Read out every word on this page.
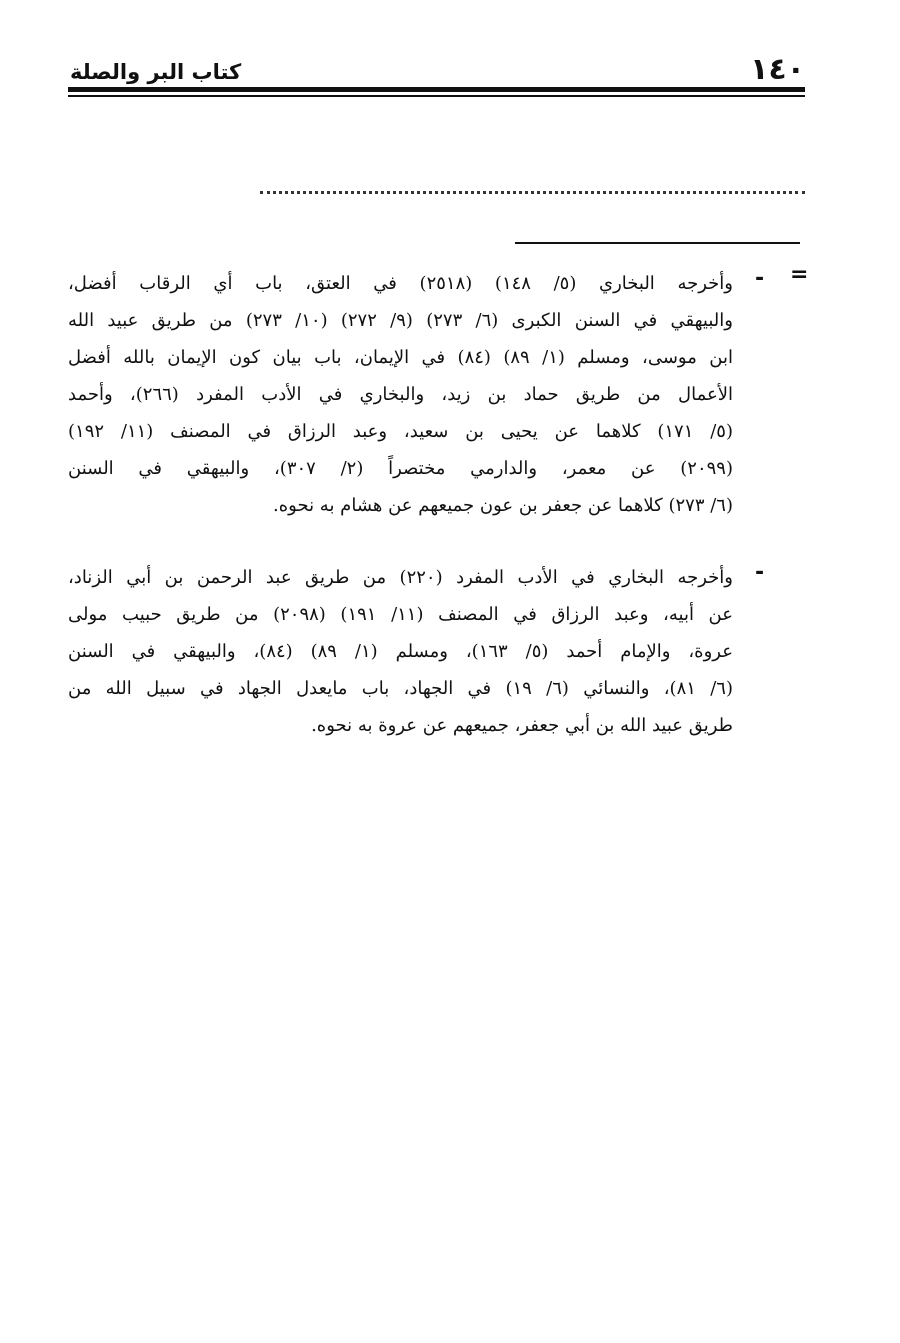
١٤٠
كتاب البر والصلة
=
-
-
وأخرجه البخاري (٥/ ١٤٨) (٢٥١٨) في العتق، باب أي الرقاب أفضل،
والبيهقي في السنن الكبرى (٦/ ٢٧٣) (٩/ ٢٧٢) (١٠/ ٢٧٣) من طريق عبيد الله
ابن موسى، ومسلم (١/ ٨٩) (٨٤) في الإيمان، باب بيان كون الإيمان بالله أفضل
الأعمال من طريق حماد بن زيد، والبخاري في الأدب المفرد (٢٦٦)، وأحمد
(٥/ ١٧١) كلاهما عن يحيى بن سعيد، وعبد الرزاق في المصنف (١١/ ١٩٢)
(٢٠٩٩) عن معمر، والدارمي مختصراً (٢/ ٣٠٧)، والبيهقي في السنن
(٦/ ٢٧٣) كلاهما عن جعفر بن عون جميعهم عن هشام به نحوه.
وأخرجه البخاري في الأدب المفرد (٢٢٠) من طريق عبد الرحمن بن أبي الزناد،
عن أبيه، وعبد الرزاق في المصنف (١١/ ١٩١) (٢٠٩٨) من طريق حبيب مولى
عروة، والإمام أحمد (٥/ ١٦٣)، ومسلم (١/ ٨٩) (٨٤)، والبيهقي في السنن
(٦/ ٨١)، والنسائي (٦/ ١٩) في الجهاد، باب مايعدل الجهاد في سبيل الله من
طريق عبيد الله بن أبي جعفر، جميعهم عن عروة به نحوه.
